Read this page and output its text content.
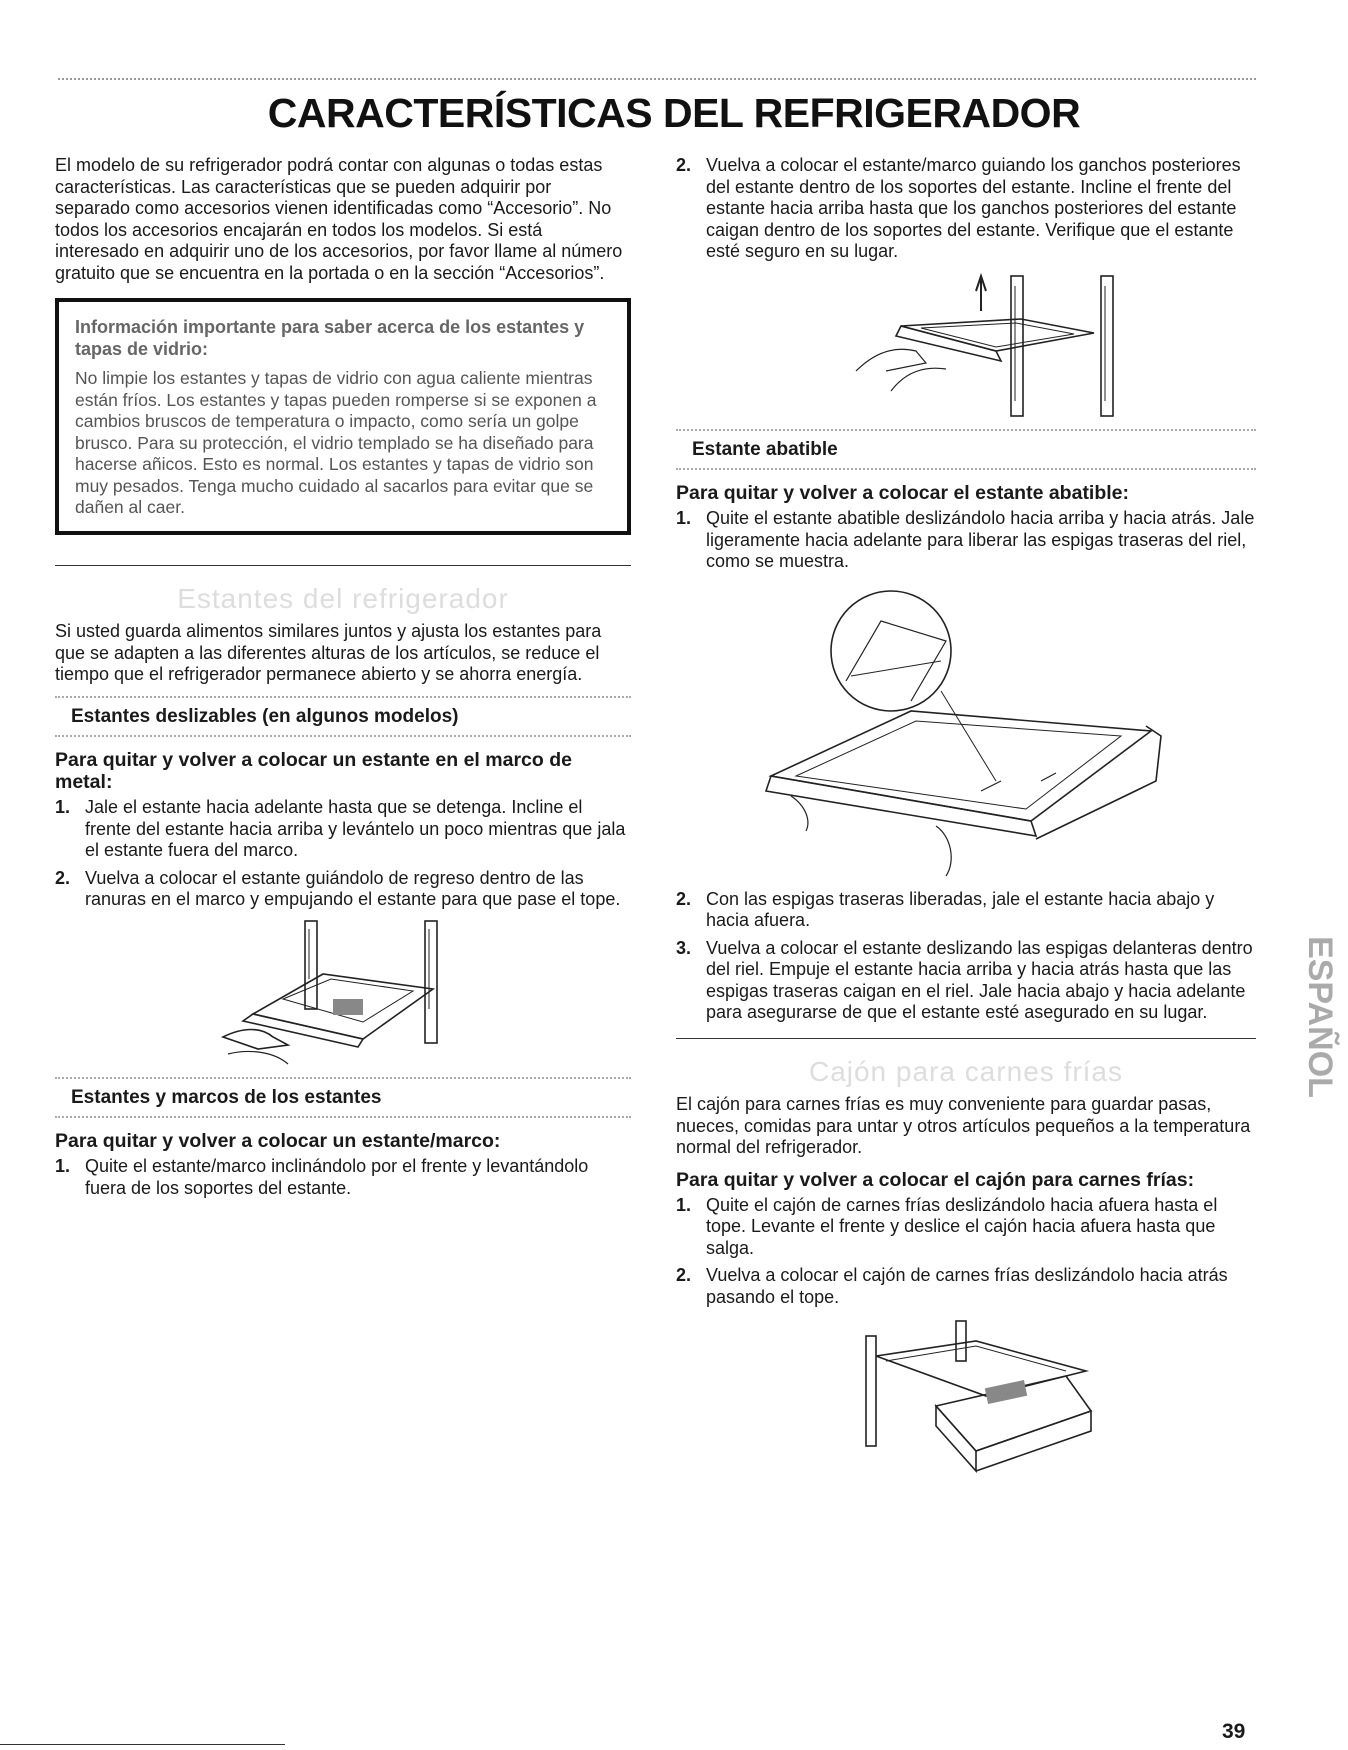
CARACTERÍSTICAS DEL REFRIGERADOR

El modelo de su refrigerador podrá contar con algunas o todas estas características. Las características que se pueden adquirir por separado como accesorios vienen identificadas como “Accesorio”. No todos los accesorios encajarán en todos los modelos. Si está interesado en adquirir uno de los accesorios, por favor llame al número gratuito que se encuentra en la portada o en la sección “Accesorios”.

Información importante para saber acerca de los estantes y tapas de vidrio:
No limpie los estantes y tapas de vidrio con agua caliente mientras están fríos. Los estantes y tapas pueden romperse si se exponen a cambios bruscos de temperatura o impacto, como sería un golpe brusco. Para su protección, el vidrio templado se ha diseñado para hacerse añicos. Esto es normal. Los estantes y tapas de vidrio son muy pesados. Tenga mucho cuidado al sacarlos para evitar que se dañen al caer.
Estantes del refrigerador

Si usted guarda alimentos similares juntos y ajusta los estantes para que se adapten a las diferentes alturas de los artículos, se reduce el tiempo que el refrigerador permanece abierto y se ahorra energía.

Estantes deslizables (en algunos modelos)
Para quitar y volver a colocar un estante en el marco de metal:
1. Jale el estante hacia adelante hasta que se detenga. Incline el frente del estante hacia arriba y levántelo un poco mientras que jala el estante fuera del marco.
2. Vuelva a colocar el estante guiándolo de regreso dentro de las ranuras en el marco y empujando el estante para que pase el tope.
Estantes y marcos de los estantes
Para quitar y volver a colocar un estante/marco:
1. Quite el estante/marco inclinándolo por el frente y levantándolo fuera de los soportes del estante.
2. Vuelva a colocar el estante/marco guiando los ganchos posteriores del estante dentro de los soportes del estante. Incline el frente del estante hacia arriba hasta que los ganchos posteriores del estante caigan dentro de los soportes del estante. Verifique que el estante esté seguro en su lugar.
Estante abatible
Para quitar y volver a colocar el estante abatible:
1. Quite el estante abatible deslizándolo hacia arriba y hacia atrás. Jale ligeramente hacia adelante para liberar las espigas traseras del riel, como se muestra.
2. Con las espigas traseras liberadas, jale el estante hacia abajo y hacia afuera.
3. Vuelva a colocar el estante deslizando las espigas delanteras dentro del riel. Empuje el estante hacia arriba y hacia atrás hasta que las espigas traseras caigan en el riel. Jale hacia abajo y hacia adelante para asegurarse de que el estante esté asegurado en su lugar.
Cajón para carnes frías

El cajón para carnes frías es muy conveniente para guardar pasas, nueces, comidas para untar y otros artículos pequeños a la temperatura normal del refrigerador.

Para quitar y volver a colocar el cajón para carnes frías:
1. Quite el cajón de carnes frías deslizándolo hacia afuera hasta el tope. Levante el frente y deslice el cajón hacia afuera hasta que salga.
2. Vuelva a colocar el cajón de carnes frías deslizándolo hacia atrás pasando el tope.
ESPAÑOL
39
